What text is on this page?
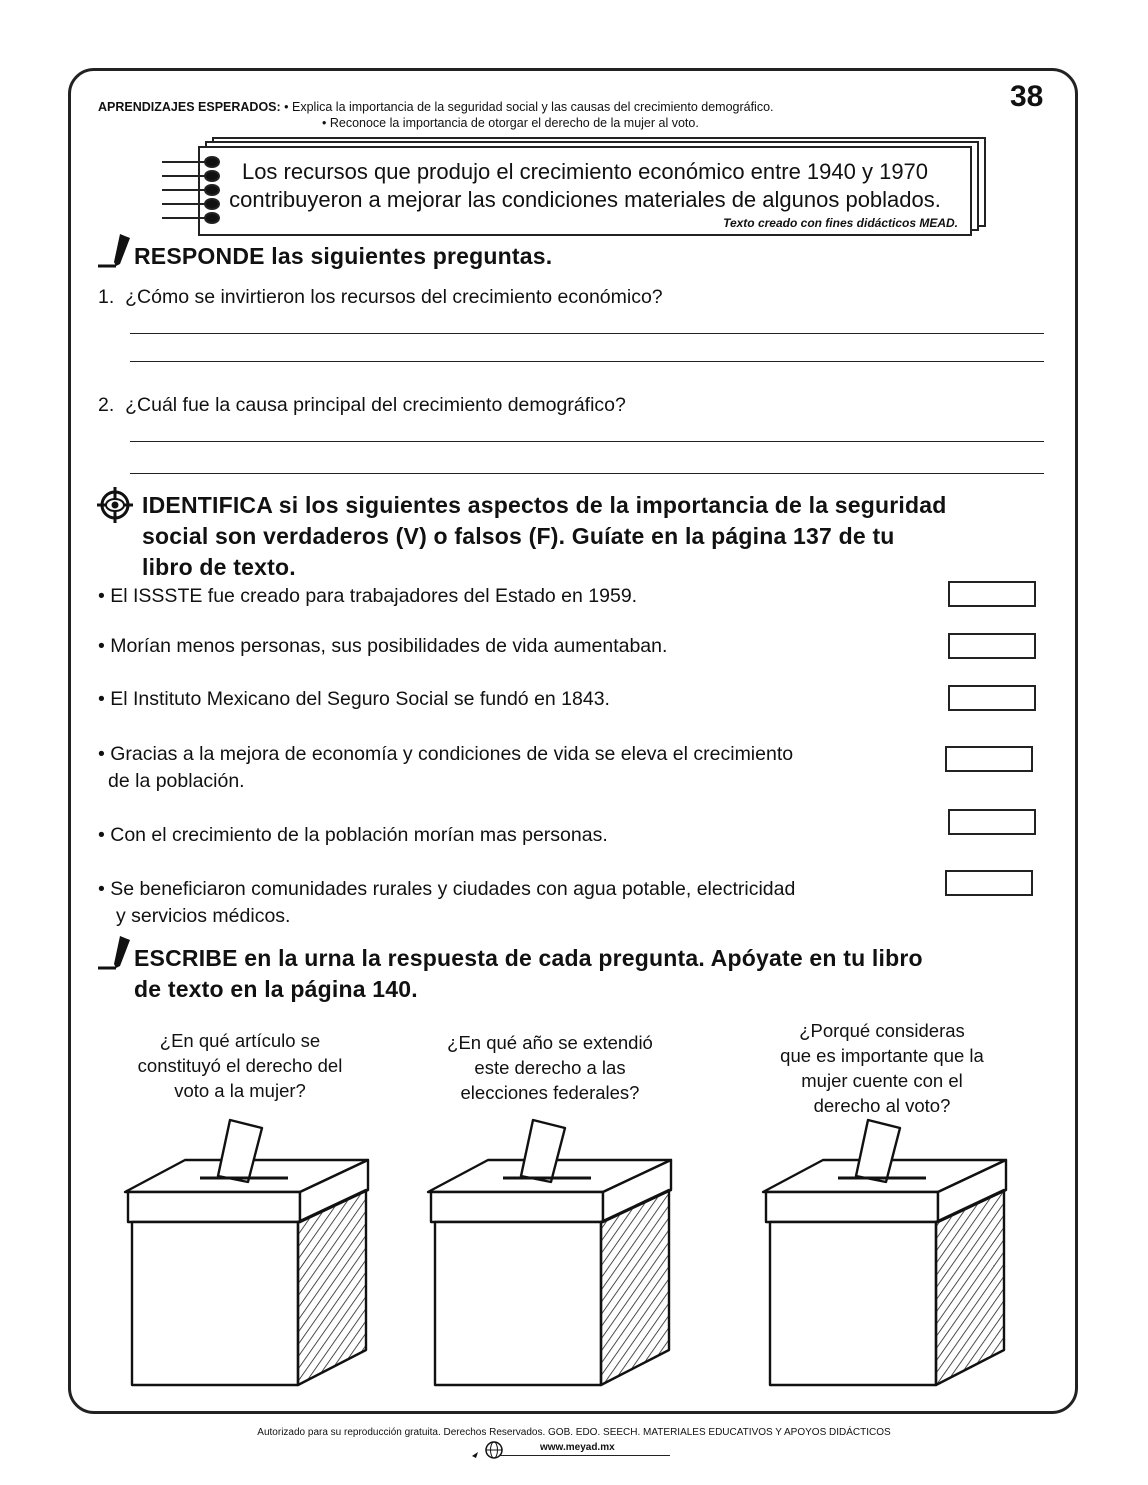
38
APRENDIZAJES ESPERADOS: • Explica la importancia de la seguridad social y las causas del crecimiento demográfico.
• Reconoce la importancia de otorgar el derecho de la mujer al voto.
Los recursos que produjo el crecimiento económico entre 1940 y 1970
contribuyeron a mejorar las condiciones materiales de algunos poblados.
Texto creado con fines didácticos MEAD.
RESPONDE las siguientes preguntas.
1. ¿Cómo se invirtieron los recursos del crecimiento económico?
2. ¿Cuál fue la causa principal del crecimiento demográfico?
IDENTIFICA si los siguientes aspectos de la importancia de la seguridad
social son verdaderos (V) o falsos (F). Guíate en la página 137 de tu
libro de texto.
• El ISSSTE fue creado para trabajadores del Estado en 1959.
• Morían menos personas, sus posibilidades de vida aumentaban.
• El Instituto Mexicano del Seguro Social se fundó en 1843.
• Gracias a la mejora de economía y condiciones de vida se eleva el crecimiento
de la población.
• Con el crecimiento de la población morían mas personas.
• Se beneficiaron comunidades rurales y ciudades con agua potable, electricidad
y servicios médicos.
ESCRIBE en la urna la respuesta de cada pregunta. Apóyate en tu libro
de texto en la página 140.
¿En qué artículo se
constituyó el derecho del
voto a la mujer?
¿En qué año se extendió
este derecho a las
elecciones federales?
¿Porqué consideras
que es importante que la
mujer cuente con el
derecho al voto?
Autorizado para su reproducción gratuita. Derechos Reservados. GOB. EDO. SEECH. MATERIALES EDUCATIVOS Y APOYOS DIDÁCTICOS
www.meyad.mx
